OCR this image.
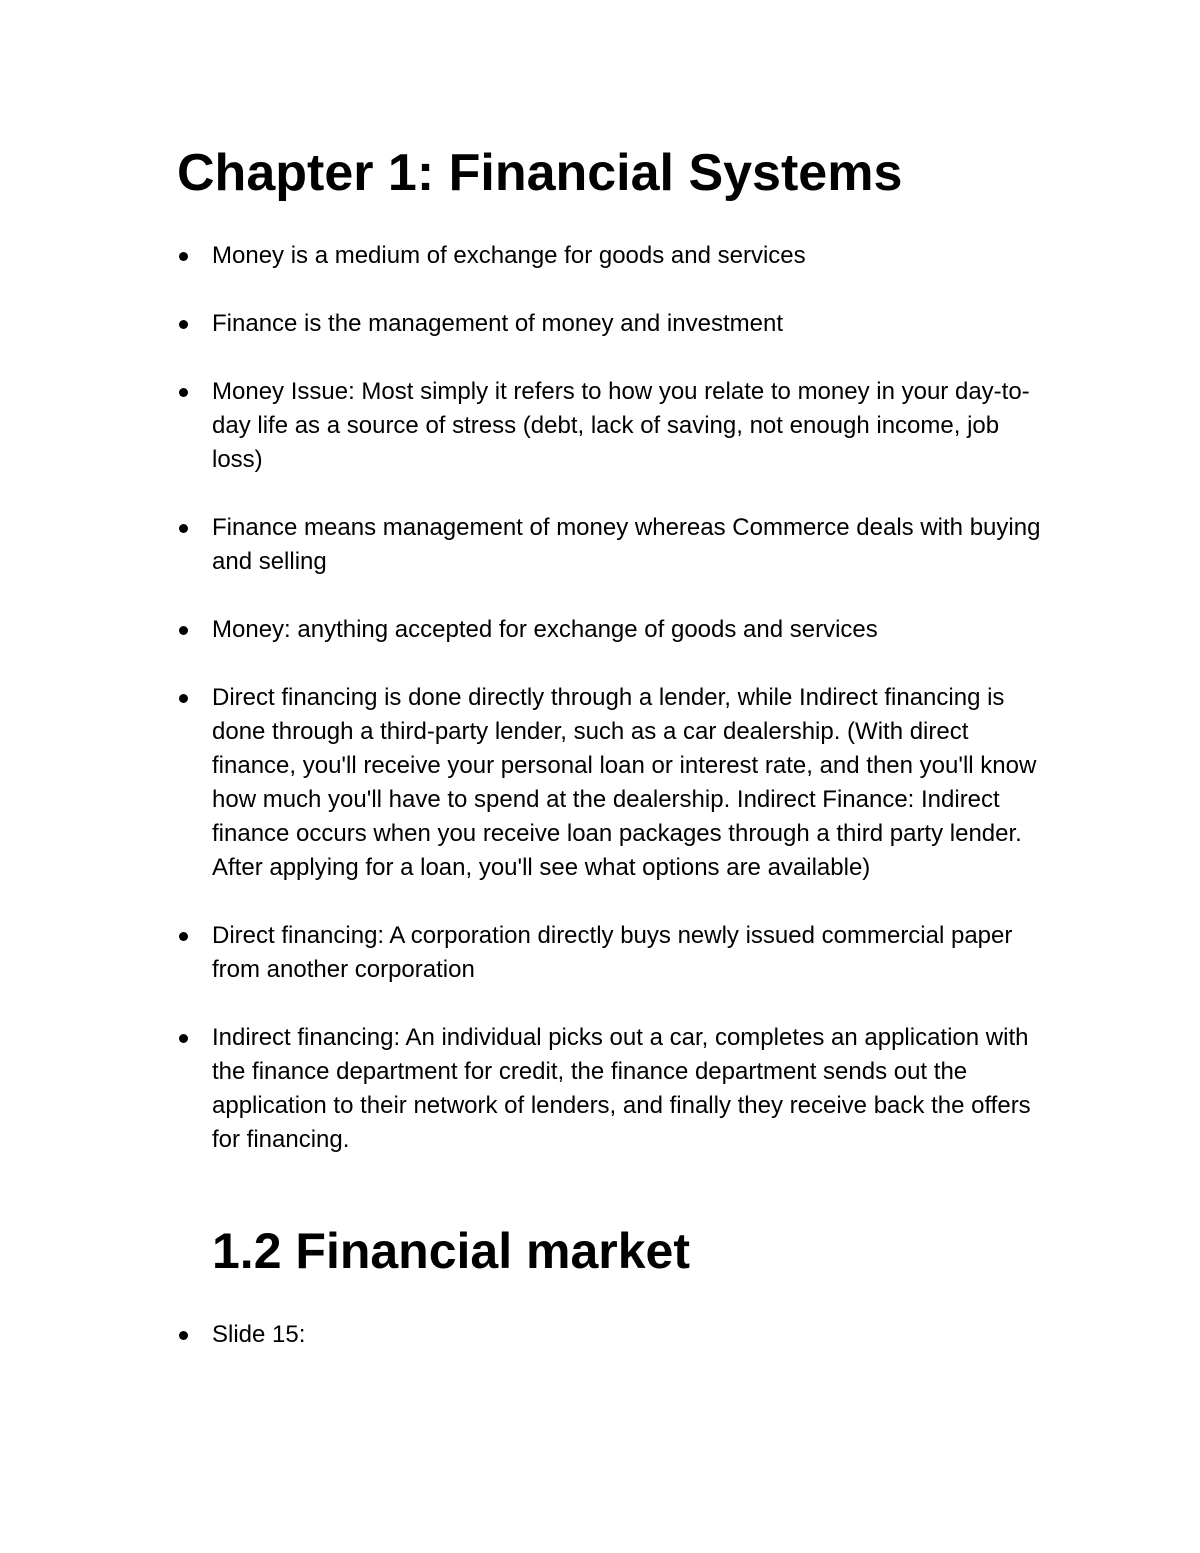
Chapter 1: Financial Systems
Money is a medium of exchange for goods and services
Finance is the management of money and investment
Money Issue: Most simply it refers to how you relate to money in your day-to-day life as a source of stress (debt, lack of saving, not enough income, job loss)
Finance means management of money whereas Commerce deals with buying and selling
Money: anything accepted for exchange of goods and services
Direct financing is done directly through a lender, while Indirect financing is done through a third-party lender, such as a car dealership. (With direct finance, you'll receive your personal loan or interest rate, and then you'll know how much you'll have to spend at the dealership. Indirect Finance: Indirect finance occurs when you receive loan packages through a third party lender. After applying for a loan, you'll see what options are available)
Direct financing: A corporation directly buys newly issued commercial paper from another corporation
Indirect financing: An individual picks out a car, completes an application with the finance department for credit, the finance department sends out the application to their network of lenders, and finally they receive back the offers for financing.
1.2 Financial market
Slide 15:
